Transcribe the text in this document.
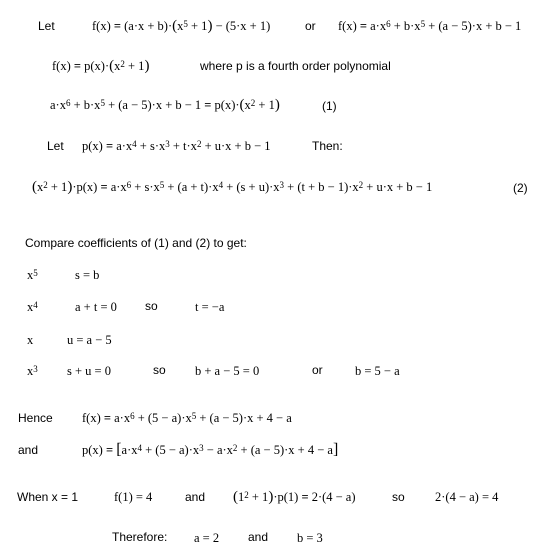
Let	$f(x) = (a\cdot x + b)\cdot(x^5 + 1) - (5\cdot x + 1)$	or $f(x) = a\cdot x^6 + b\cdot x^5 + (a - 5)\cdot x + b - 1$
$f(x) = p(x)\cdot(x^2 + 1)$	where p is a fourth order polynomial
$a\cdot x^6 + b\cdot x^5 + (a - 5)\cdot x + b - 1 = p(x)\cdot(x^2 + 1)$	(1)
Let $p(x) = a\cdot x^4 + s\cdot x^3 + t\cdot x^2 + u\cdot x + b - 1$	Then:
$(x^2 + 1)\cdot p(x) = a\cdot x^6 + s\cdot x^5 + (a + t)\cdot x^4 + (s + u)\cdot x^3 + (t + b - 1)\cdot x^2 + u\cdot x + b - 1$	(2)
Compare coefficients of (1) and (2) to get:
$x^5$	s = b
$x^4$	a + t = 0 so	t = −a
x	u = a − 5
$x^3$ s + u = 0	so b + a − 5 = 0	or	b = 5 − a
Hence $f(x) = a\cdot x^6 + (5 - a)\cdot x^5 + (a - 5)\cdot x + 4 - a$
and	$p(x) = [a\cdot x^4 + (5 - a)\cdot x^3 - a\cdot x^2 + (a - 5)\cdot x + 4 - a]$
When x = 1	f(1) = 4	and $(1^2 + 1)\cdot p(1) = 2\cdot(4 - a)$	so 2·(4 − a) = 4
Therefore: a = 2 and b = 3
